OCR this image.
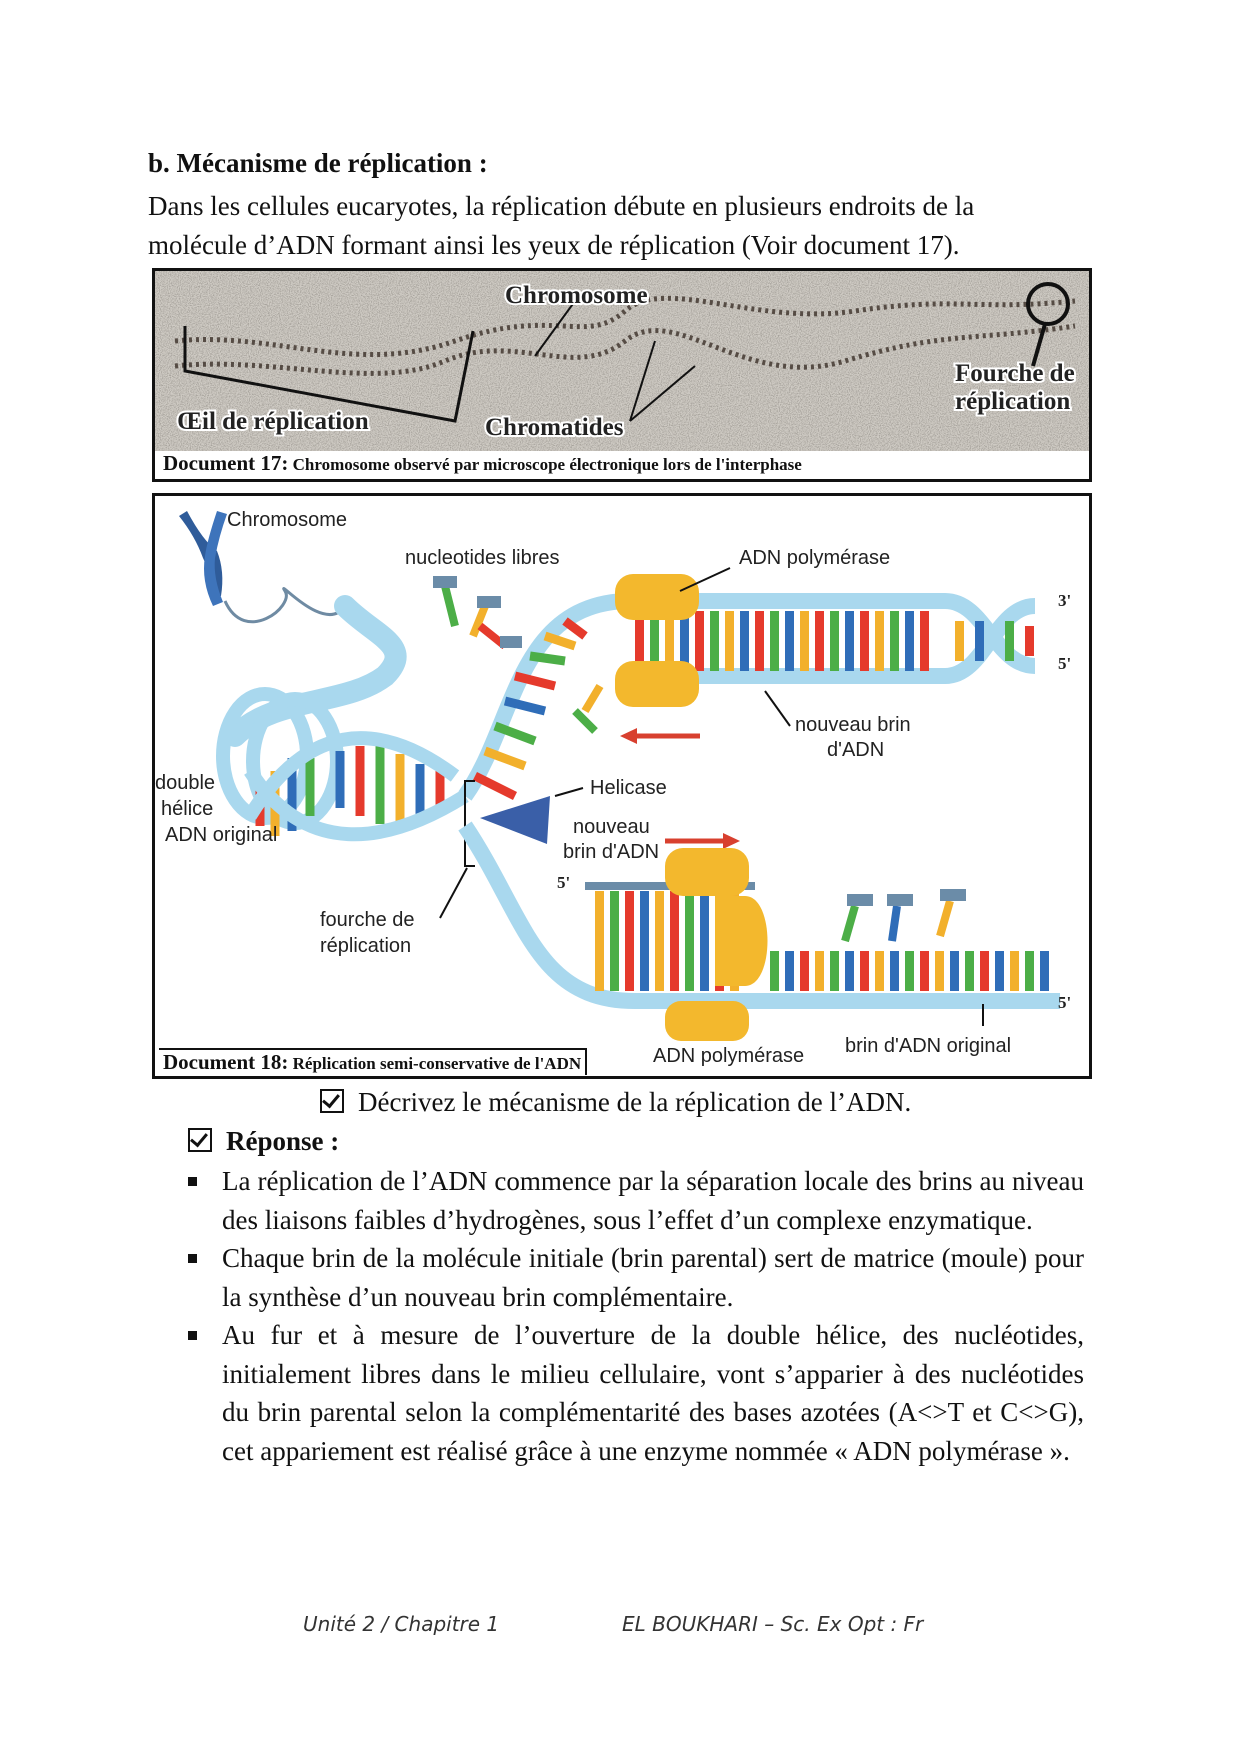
b. Mécanisme de réplication :
Dans les cellules eucaryotes, la réplication débute en plusieurs endroits de la molécule d’ADN formant ainsi les yeux de réplication (Voir document 17).
Chromosome
Fourche de
réplication
Œil de réplication	Chromatides
Document 17: Chromosome observé par microscope électronique lors de l'interphase
Chromosome
nucleotides libres	ADN polymérase
3'
5'
nouveau brin
d'ADN
Helicase
nouveau
brin d'ADN
5'
5'
double
hélice
ADN original
fourche de
réplication
ADN polymérase brin d'ADN original
Document 18: Réplication semi-conservative de l'ADN
Décrivez le mécanisme de la réplication de l’ADN.
Réponse :
La réplication de l’ADN commence par la séparation locale des brins au niveau des liaisons faibles d’hydrogènes, sous l’effet d’un complexe enzymatique.
Chaque brin de la molécule initiale (brin parental) sert de matrice (moule) pour la synthèse d’un nouveau brin complémentaire.
Au fur et à mesure de l’ouverture de la double hélice, des nucléotides, initialement libres dans le milieu cellulaire, vont s’apparier à des nucléotides du brin parental selon la complémentarité des bases azotées (A<>T et C<>G), cet appariement est réalisé grâce à une enzyme nommée « ADN polymérase ».
Unité 2 / Chapitre 1	EL BOUKHARI – Sc. Ex Opt : Fr
